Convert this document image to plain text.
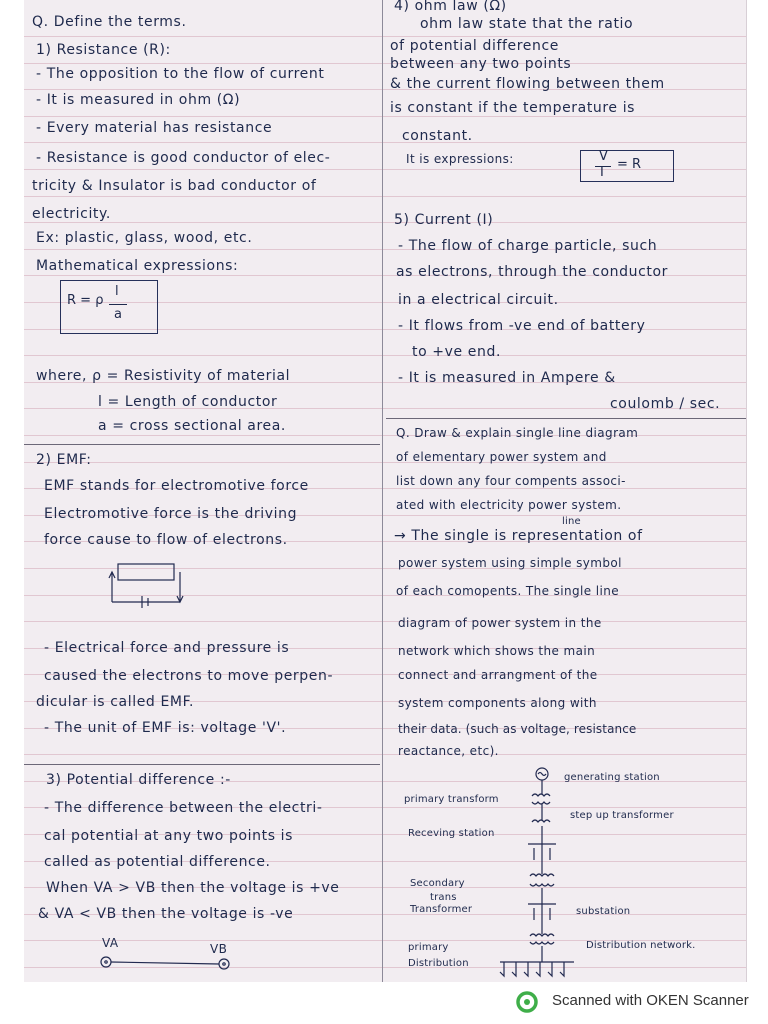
Q. Define the terms.
1) Resistance (R):
- The opposition to the flow of current
- It is measured in ohm (Ω)
- Every material has resistance
- Resistance is good conductor of elec-
tricity & Insulator is bad conductor of
electricity.
Ex: plastic, glass, wood, etc.
Mathematical expressions:
R = ρ
l
a
where, ρ = Resistivity of material
l = Length of conductor
a = cross sectional area.
2) EMF:
EMF stands for electromotive force
Electromotive force is the driving
force cause to flow of electrons.
- Electrical force and pressure is
caused the electrons to move perpen-
dicular is called EMF.
- The unit of EMF is: voltage 'V'.
3) Potential difference :-
- The difference between the electri-
cal potential at any two points is
called as potential difference.
When VA > VB then the voltage is +ve
& VA < VB then the voltage is -ve
VA	VB
4) ohm law (Ω)
ohm law state that the ratio
of potential difference
between any two points
& the current flowing between them
is constant if the temperature is
constant.
It is expressions:	V
I
= R
5) Current (I)
- The flow of charge particle, such
as electrons, through the conductor
in a electrical circuit.
- It flows from -ve end of battery
to +ve end.
- It is measured in Ampere &
coulomb / sec.
Q. Draw & explain single line diagram
of elementary power system and
list down any four compents associ-
ated with electricity power system.
line
→ The single is representation of
power system using simple symbol
of each comopents. The single line
diagram of power system in the
network which shows the main
connect and arrangment of the
system components along with
their data. (such as voltage, resistance
reactance, etc).
generating station
primary transform
step up transformer
Receving station
Secondary
trans
Transformer	substation
primary
Distribution
Distribution network.
Scanned with OKEN Scanner
